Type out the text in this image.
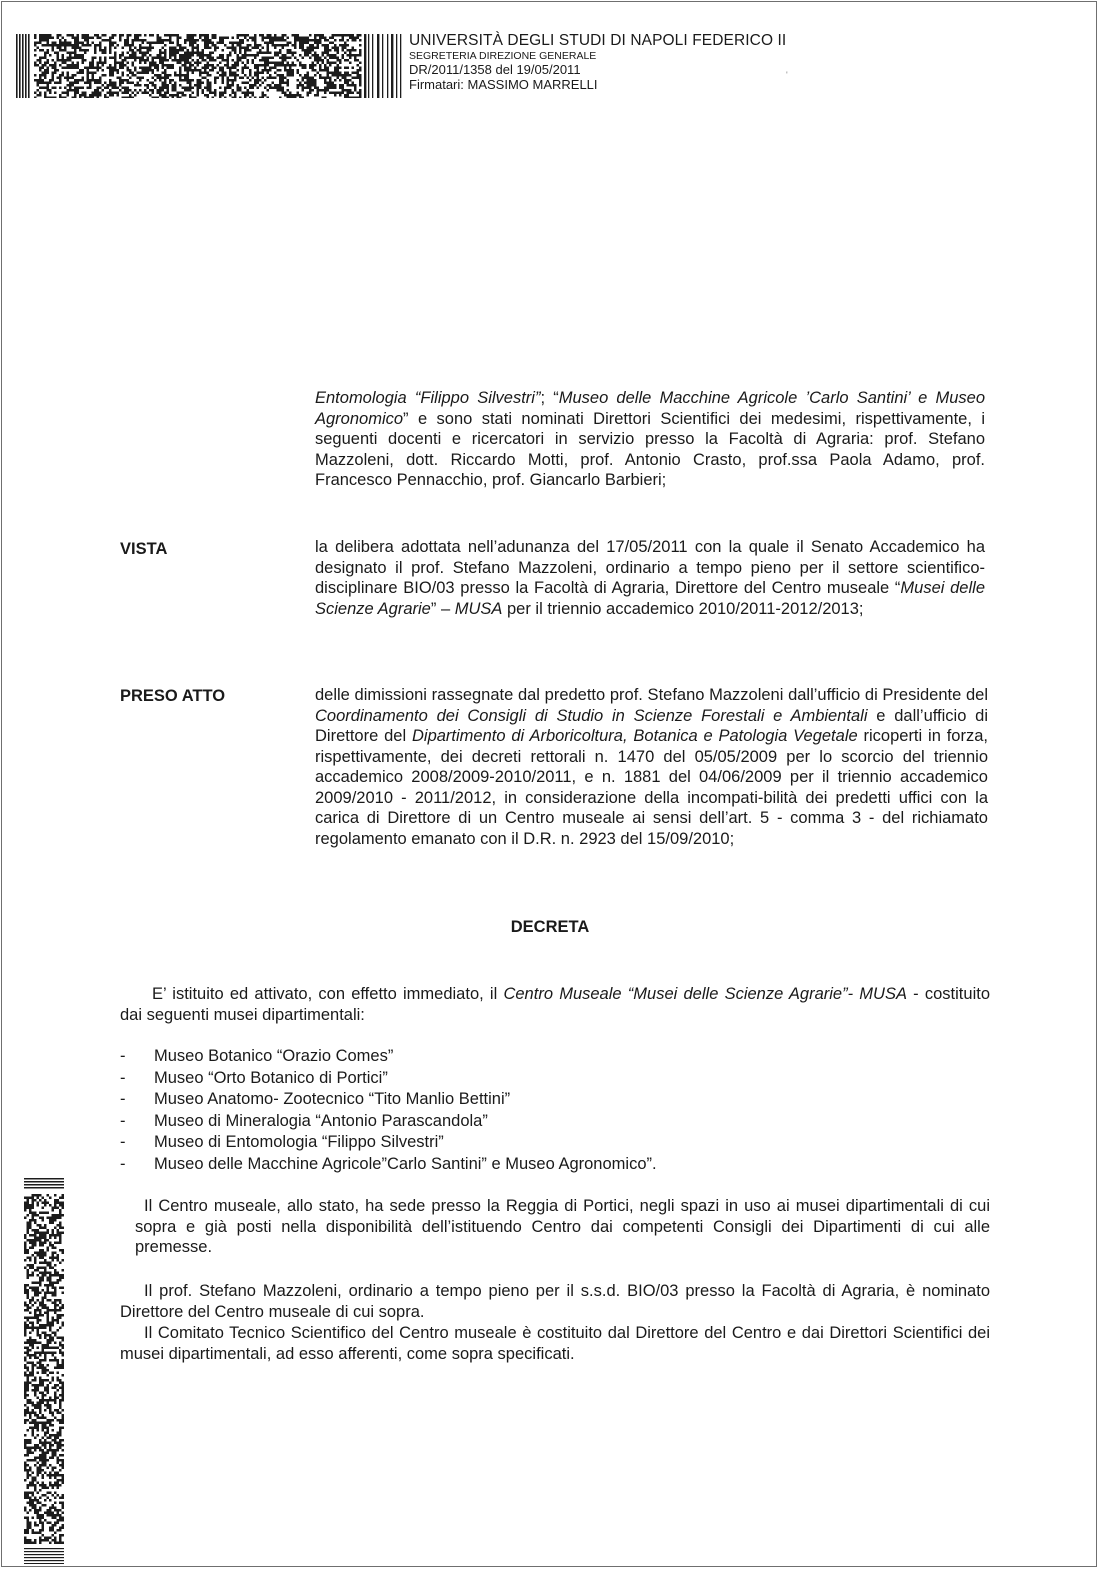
UNIVERSITÀ DEGLI STUDI DI NAPOLI FEDERICO II
SEGRETERIA DIREZIONE GENERALE
DR/2011/1358 del 19/05/2011
Firmatari: MASSIMO MARRELLI
'
Entomologia “Filippo Silvestri”; “Museo delle Macchine Agricole ’Carlo Santini’ e Museo Agronomico” e sono stati nominati Direttori Scientifici dei medesimi, rispettivamente, i seguenti docenti e ricercatori in servizio presso la Facoltà di Agraria: prof. Stefano Mazzoleni, dott. Riccardo Motti, prof. Antonio Crasto, prof.ssa Paola Adamo, prof. Francesco Pennacchio, prof. Giancarlo Barbieri;
VISTA	la delibera adottata nell’adunanza del 17/05/2011 con la quale il Senato Accademico ha designato il prof. Stefano Mazzoleni, ordinario a tempo pieno per il settore scientifico-disciplinare BIO/03 presso la Facoltà di Agraria, Direttore del Centro museale “Musei delle Scienze Agrarie” – MUSA per il triennio accademico 2010/2011-2012/2013;
PRESO ATTO	delle dimissioni rassegnate dal predetto prof. Stefano Mazzoleni dall’ufficio di Presidente del Coordinamento dei Consigli di Studio in Scienze Forestali e Ambientali e dall’ufficio di Direttore del Dipartimento di Arboricoltura, Botanica e Patologia Vegetale ricoperti in forza, rispettivamente, dei decreti rettorali n. 1470 del 05/05/2009 per lo scorcio del triennio accademico 2008/2009-2010/2011, e n. 1881 del 04/06/2009 per il triennio accademico 2009/2010 - 2011/2012, in considerazione della incompati-bilità dei predetti uffici con la carica di Direttore di un Centro museale ai sensi dell’art. 5 - comma 3 - del richiamato regolamento emanato con il D.R. n. 2923 del 15/09/2010;
DECRETA
E’ istituito ed attivato, con effetto immediato, il Centro Museale “Musei delle Scienze Agrarie”- MUSA - costituito dai seguenti musei dipartimentali:
- Museo Botanico “Orazio Comes”
- Museo “Orto Botanico di Portici”
- Museo Anatomo- Zootecnico “Tito Manlio Bettini”
- Museo di Mineralogia “Antonio Parascandola”
- Museo di Entomologia “Filippo Silvestri”
- Museo delle Macchine Agricole”Carlo Santini” e Museo Agronomico”.
Il Centro museale, allo stato, ha sede presso la Reggia di Portici, negli spazi in uso ai musei dipartimentali di cui sopra e già posti nella disponibilità dell’istituendo Centro dai competenti Consigli dei Dipartimenti di cui alle premesse.
Il prof. Stefano Mazzoleni, ordinario a tempo pieno per il s.s.d. BIO/03 presso la Facoltà di Agraria, è nominato Direttore del Centro museale di cui sopra.
Il Comitato Tecnico Scientifico del Centro museale è costituito dal Direttore del Centro e dai Direttori Scientifici dei musei dipartimentali, ad esso afferenti, come sopra specificati.
